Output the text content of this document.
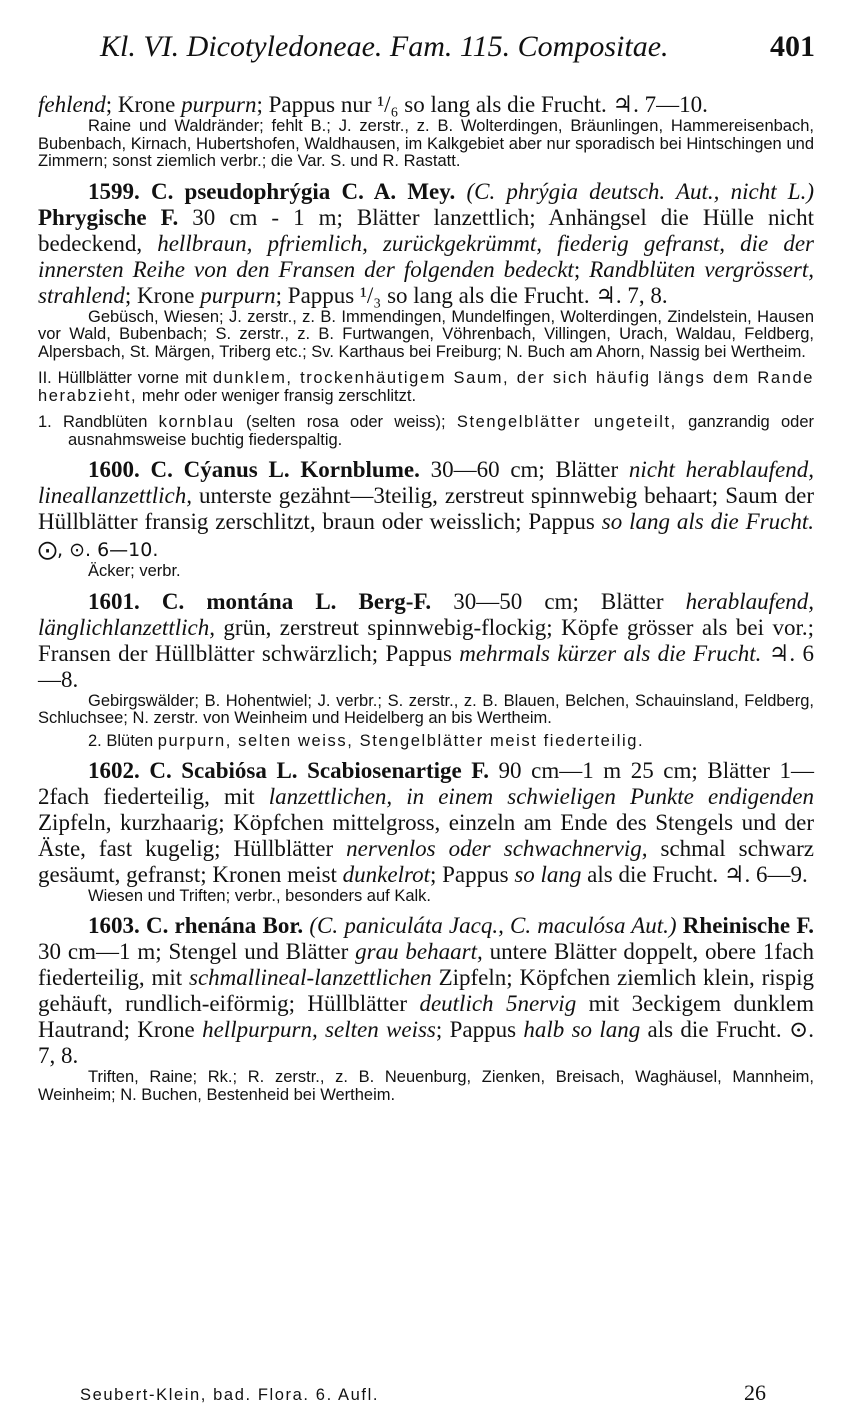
Kl. VI. Dicotyledoneae. Fam. 115. Compositae.	401

fehlend; Krone purpurn; Pappus nur ¹/₆ so lang als die Frucht. ♃. 7—10.

Raine und Waldränder; fehlt B.; J. zerstr., z. B. Wolterdingen, Bräunlingen, Hammereisenbach, Bubenbach, Kirnach, Hubertshofen, Waldhausen, im Kalkgebiet aber nur sporadisch bei Hintschingen und Zimmern; sonst ziemlich verbr.; die Var. S. und R. Rastatt.

1599. C. pseudophrýgia C. A. Mey. (C. phrýgia deutsch. Aut., nicht L.) Phrygische F. 30 cm - 1 m; Blätter lanzettlich; Anhängsel die Hülle nicht bedeckend, hellbraun, pfriemlich, zurückgekrümmt, fiederig gefranst, die der innersten Reihe von den Fransen der folgenden bedeckt; Randblüten vergrössert, strahlend; Krone purpurn; Pappus ¹/₃ so lang als die Frucht. ♃. 7, 8.

Gebüsch, Wiesen; J. zerstr., z. B. Immendingen, Mundelfingen, Wolterdingen, Zindelstein, Hausen vor Wald, Bubenbach; S. zerstr., z. B. Furtwangen, Vöhrenbach, Villingen, Urach, Waldau, Feldberg, Alpersbach, St. Märgen, Triberg etc.; Sv. Karthaus bei Freiburg; N. Buch am Ahorn, Nassig bei Wertheim.

II. Hüllblätter vorne mit dunklem, trockenhäutigem Saum, der sich häufig längs dem Rande herabzieht, mehr oder weniger fransig zerschlitzt.

1. Randblüten kornblau (selten rosa oder weiss); Stengelblätter ungeteilt, ganzrandig oder ausnahmsweise buchtig fiederspaltig.

1600. C. Cýanus L. Kornblume. 30—60 cm; Blätter nicht herablaufend, lineallanzettlich, unterste gezähnt—3teilig, zerstreut spinnwebig behaart; Saum der Hüllblätter fransig zerschlitzt, braun oder weisslich; Pappus so lang als die Frucht. ⨀, ⊙. 6—10.

Äcker; verbr.

1601. C. montána L. Berg-F. 30—50 cm; Blätter herablaufend, länglichlanzettlich, grün, zerstreut spinnwebig-flockig; Köpfe grösser als bei vor.; Fransen der Hüllblätter schwärzlich; Pappus mehrmals kürzer als die Frucht. ♃. 6—8.

Gebirgswälder; B. Hohentwiel; J. verbr.; S. zerstr., z. B. Blauen, Belchen, Schauinsland, Feldberg, Schluchsee; N. zerstr. von Weinheim und Heidelberg an bis Wertheim.

2. Blüten purpurn, selten weiss, Stengelblätter meist fiederteilig.

1602. C. Scabiósa L. Scabiosenartige F. 90 cm—1 m 25 cm; Blätter 1—2fach fiederteilig, mit lanzettlichen, in einem schwieligen Punkte endigenden Zipfeln, kurzhaarig; Köpfchen mittelgross, einzeln am Ende des Stengels und der Äste, fast kugelig; Hüllblätter nervenlos oder schwachnervig, schmal schwarz gesäumt, gefranst; Kronen meist dunkelrot; Pappus so lang als die Frucht. ♃. 6—9.

Wiesen und Triften; verbr., besonders auf Kalk.

1603. C. rhenána Bor. (C. paniculáta Jacq., C. maculósa Aut.) Rheinische F. 30 cm—1 m; Stengel und Blätter grau behaart, untere Blätter doppelt, obere 1fach fiederteilig, mit schmallineal-lanzettlichen Zipfeln; Köpfchen ziemlich klein, rispig gehäuft, rundlich-eiförmig; Hüllblätter deutlich 5nervig mit 3eckigem dunklem Hautrand; Krone hellpurpurn, selten weiss; Pappus halb so lang als die Frucht. ⊙. 7, 8.

Triften, Raine; Rk.; R. zerstr., z. B. Neuenburg, Zienken, Breisach, Waghäusel, Mannheim, Weinheim; N. Buchen, Bestenheid bei Wertheim.

Seubert-Klein, bad. Flora. 6. Aufl.	26
